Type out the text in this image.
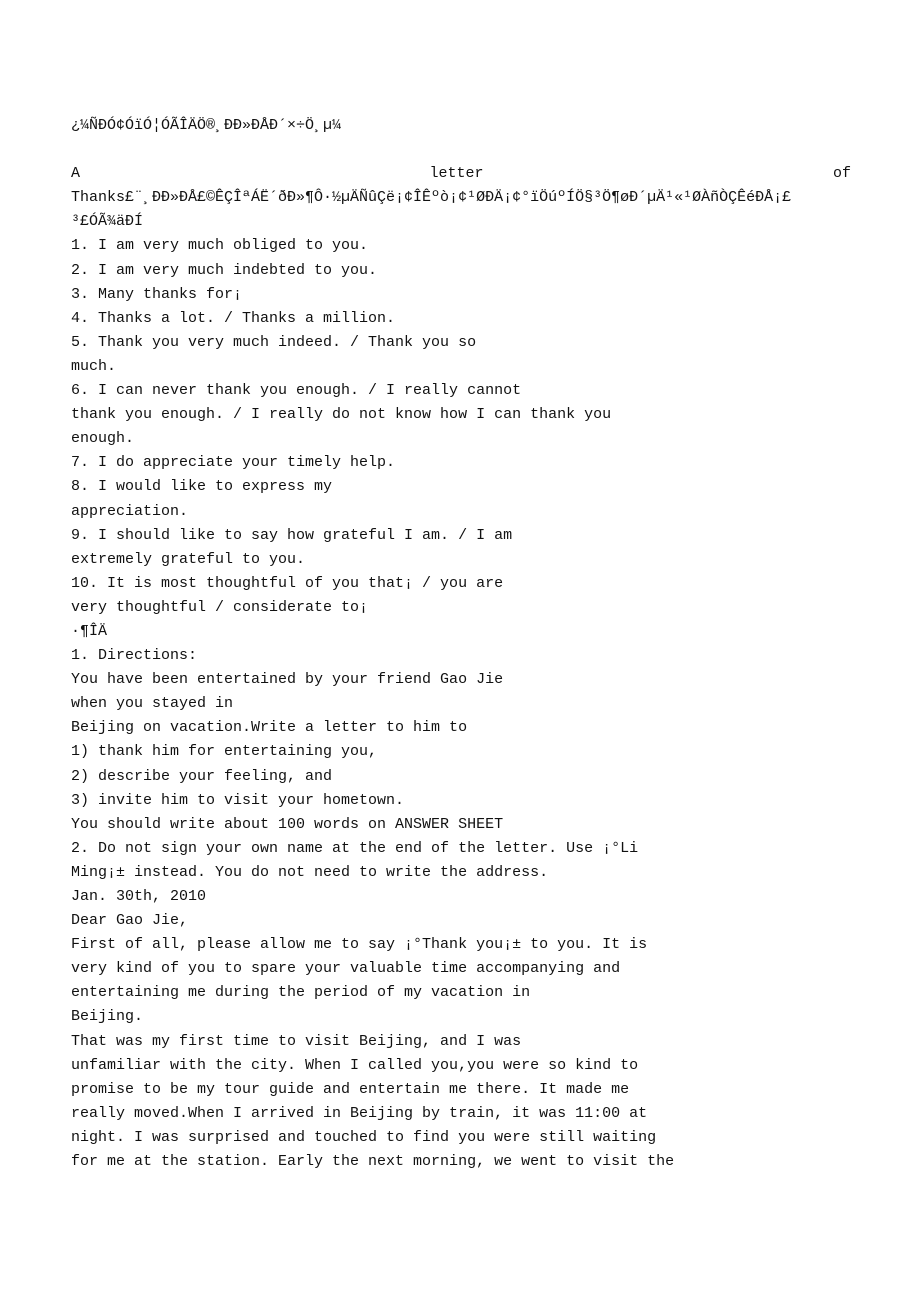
¿¼ÑÐÓ¢ÓïÓ¦ÓÃÎÄÖ®¸ÐÐ»ÐÅÐ´×÷Ö¸µ¼
A	letter	of
Thanks£¨¸ÐÐ»ÐÅ£©ÊÇÎªÁË´ðÐ»¶Ô·½µÄÑûÇë¡¢ÎÊºò¡¢¹ØÐÄ¡¢°ïÖúºÍÖ§³Ö¶øÐ´µÄ¹«¹ØÀñÒÇÊéÐÅ¡£
³£ÓÃ¾äÐÍ
1. I am very much obliged to you.
2. I am very much indebted to you.
3. Many thanks for¡
4. Thanks a lot. / Thanks a million.
5. Thank you very much indeed. / Thank you so
much.
6. I can never thank you enough. / I really cannot
thank you enough. / I really do not know how I can thank you
enough.
7. I do appreciate your timely help.
8. I would like to express my
appreciation.
9. I should like to say how grateful I am. / I am
extremely grateful to you.
10. It is most thoughtful of you that¡ / you are
very thoughtful / considerate to¡
·¶ÎÄ
1. Directions:
You have been entertained by your friend Gao Jie
when you stayed in
Beijing on vacation.Write a letter to him to
1) thank him for entertaining you,
2) describe your feeling, and
3) invite him to visit your hometown.
You should write about 100 words on ANSWER SHEET
2. Do not sign your own name at the end of the letter. Use ¡°Li
Ming¡± instead. You do not need to write the address.
Jan. 30th, 2010
Dear Gao Jie,
First of all, please allow me to say ¡°Thank you¡± to you. It is
very kind of you to spare your valuable time accompanying and
entertaining me during the period of my vacation in
Beijing.
That was my first time to visit Beijing, and I was
unfamiliar with the city. When I called you,you were so kind to
promise to be my tour guide and entertain me there. It made me
really moved.When I arrived in Beijing by train, it was 11:00 at
night. I was surprised and touched to find you were still waiting
for me at the station. Early the next morning, we went to visit the
